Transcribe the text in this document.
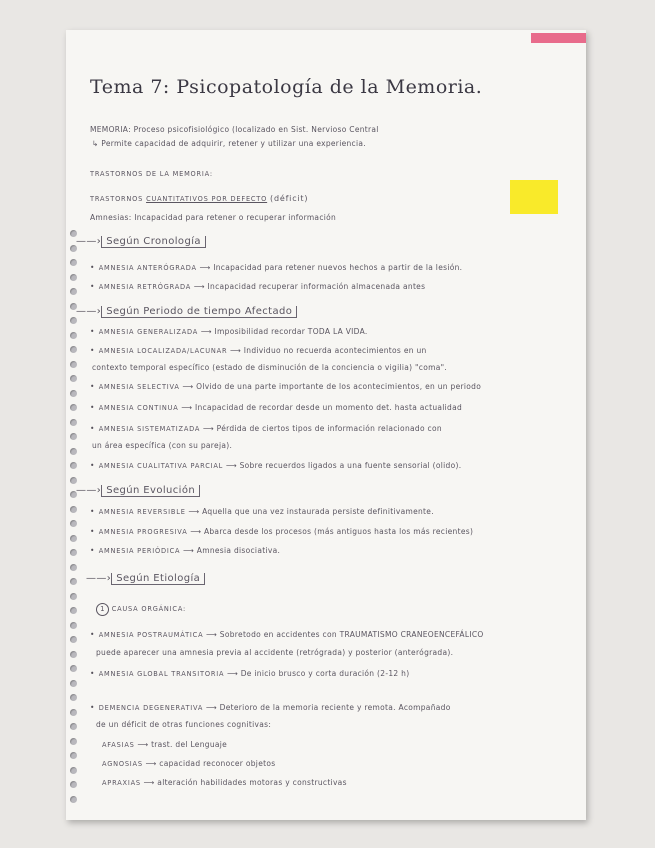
Tema 7: Psicopatología de la Memoria.
MEMORIA: Proceso psicofisiológico (localizado en Sist. Nervioso Central
↳ Permite capacidad de adquirir, retener y utilizar una experiencia.
TRASTORNOS DE LA MEMORIA:
TRASTORNOS CUANTITATIVOS POR DEFECTO (déficit)
Amnesias: Incapacidad para retener o recuperar información
——› Según Cronología
• AMNESIA ANTERÓGRADA ⟶ Incapacidad para retener nuevos hechos a partir de la lesión.
• AMNESIA RETRÓGRADA ⟶ Incapacidad recuperar información almacenada antes
——› Según Periodo de tiempo Afectado
• AMNESIA GENERALIZADA ⟶ Imposibilidad recordar TODA LA VIDA.
• AMNESIA LOCALIZADA/LACUNAR ⟶ Individuo no recuerda acontecimientos en un
contexto temporal específico (estado de disminución de la conciencia o vigilia) "coma".
• AMNESIA SELECTIVA ⟶ Olvido de una parte importante de los acontecimientos, en un periodo
• AMNESIA CONTINUA ⟶ Incapacidad de recordar desde un momento det. hasta actualidad
• AMNESIA SISTEMATIZADA ⟶ Pérdida de ciertos tipos de información relacionado con
un área específica (con su pareja).
• AMNESIA CUALITATIVA PARCIAL ⟶ Sobre recuerdos ligados a una fuente sensorial (olido).
——› Según Evolución
• AMNESIA REVERSIBLE ⟶ Aquella que una vez instaurada persiste definitivamente.
• AMNESIA PROGRESIVA ⟶ Abarca desde los procesos (más antiguos hasta los más recientes)
• AMNESIA PERIÓDICA ⟶ Amnesia disociativa.
——› Según Etiología
1 CAUSA ORGÁNICA:
• AMNESIA POSTRAUMÁTICA ⟶ Sobretodo en accidentes con TRAUMATISMO CRANEOENCEFÁLICO
puede aparecer una amnesia previa al accidente (retrógrada) y posterior (anterógrada).
• AMNESIA GLOBAL TRANSITORIA ⟶ De inicio brusco y corta duración (2-12 h)
• DEMENCIA DEGENERATIVA ⟶ Deterioro de la memoria reciente y remota. Acompañado
de un déficit de otras funciones cognitivas:
AFASIAS ⟶ trast. del Lenguaje
AGNOSIAS ⟶ capacidad reconocer objetos
APRAXIAS ⟶ alteración habilidades motoras y constructivas
